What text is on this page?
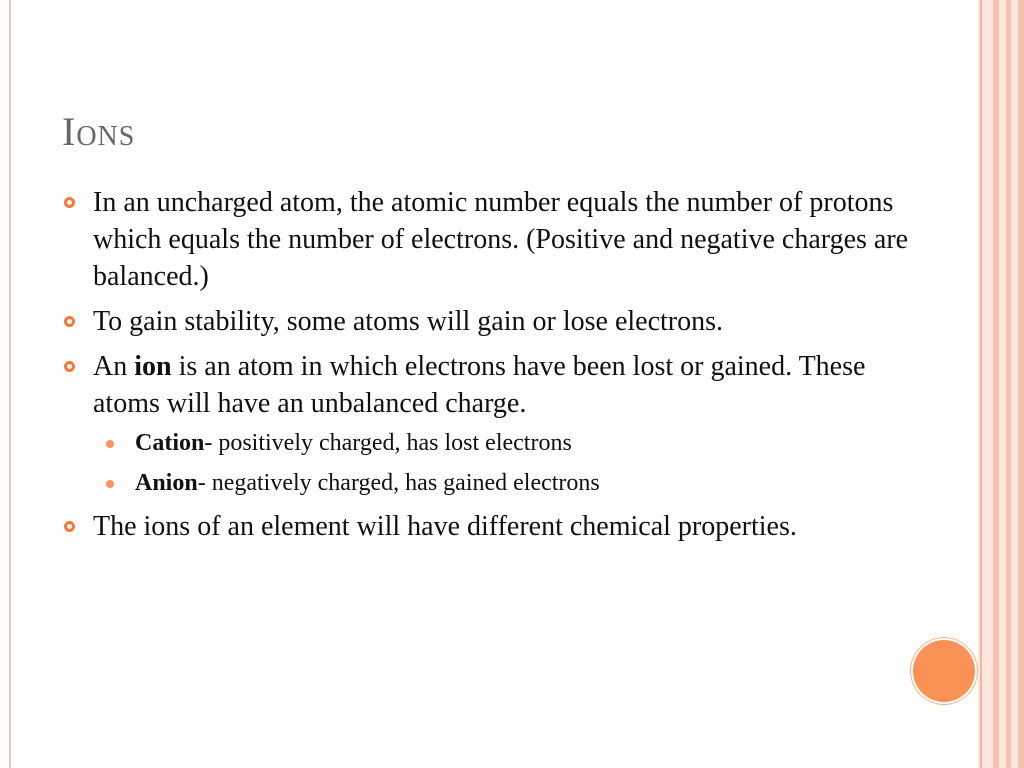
Ions
In an uncharged atom, the atomic number equals the number of protons which equals the number of electrons. (Positive and negative charges are balanced.)
To gain stability, some atoms will gain or lose electrons.
An ion is an atom in which electrons have been lost or gained. These atoms will have an unbalanced charge.
Cation- positively charged, has lost electrons
Anion- negatively charged, has gained electrons
The ions of an element will have different chemical properties.
